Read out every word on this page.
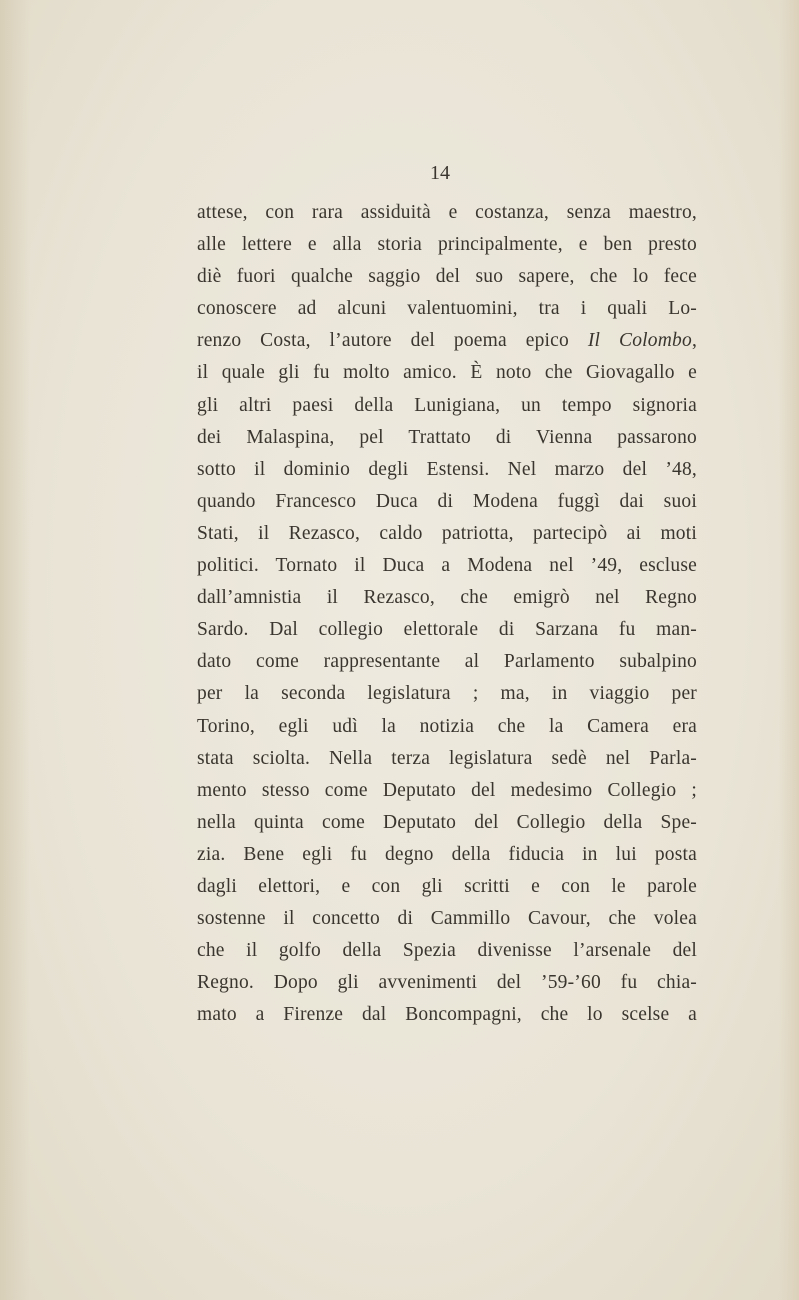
14
attese, con rara assiduità e costanza, senza maestro,
alle lettere e alla storia principalmente, e ben presto
diè fuori qualche saggio del suo sapere, che lo fece
conoscere ad alcuni valentuomini, tra i quali Lo-
renzo Costa, l’autore del poema epico Il Colombo,
il quale gli fu molto amico. È noto che Giovagallo e
gli altri paesi della Lunigiana, un tempo signoria
dei Malaspina, pel Trattato di Vienna passarono
sotto il dominio degli Estensi. Nel marzo del ’48,
quando Francesco Duca di Modena fuggì dai suoi
Stati, il Rezasco, caldo patriotta, partecipò ai moti
politici. Tornato il Duca a Modena nel ’49, escluse
dall’amnistia il Rezasco, che emigrò nel Regno
Sardo. Dal collegio elettorale di Sarzana fu man-
dato come rappresentante al Parlamento subalpino
per la seconda legislatura ; ma, in viaggio per
Torino, egli udì la notizia che la Camera era
stata sciolta. Nella terza legislatura sedè nel Parla-
mento stesso come Deputato del medesimo Collegio ;
nella quinta come Deputato del Collegio della Spe-
zia. Bene egli fu degno della fiducia in lui posta
dagli elettori, e con gli scritti e con le parole
sostenne il concetto di Cammillo Cavour, che volea
che il golfo della Spezia divenisse l’arsenale del
Regno. Dopo gli avvenimenti del ’59-’60 fu chia-
mato a Firenze dal Boncompagni, che lo scelse a
